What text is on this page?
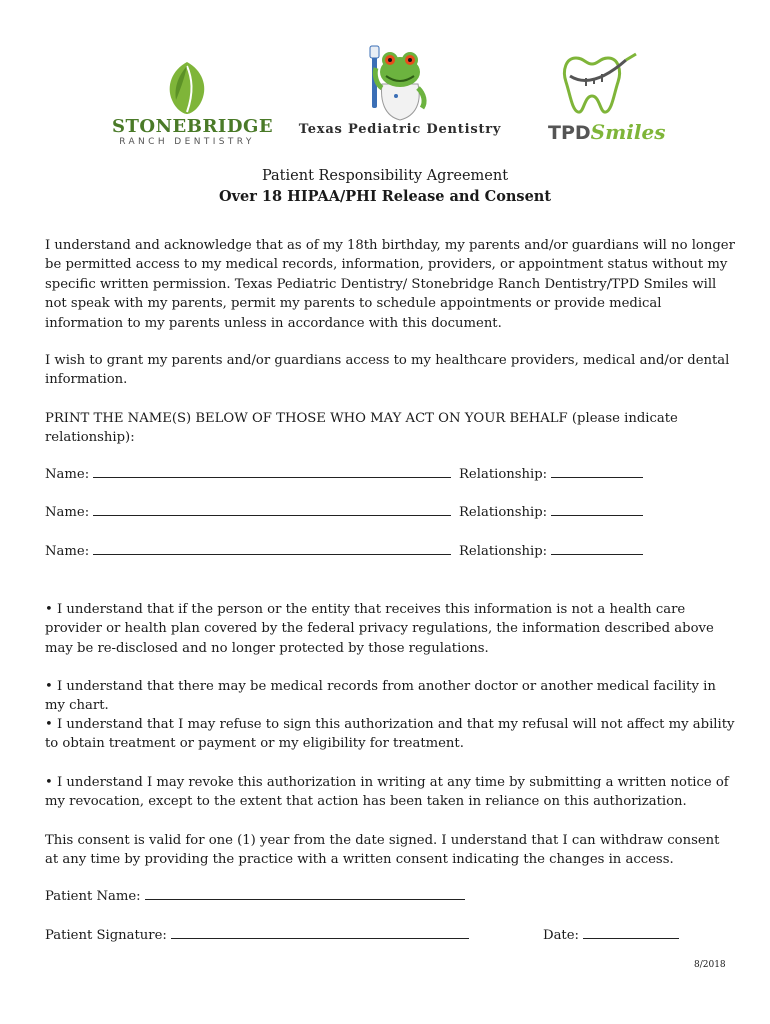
STONEBRIDGE
RANCH DENTISTRY
Texas Pediatric Dentistry	TPDSmiles
Patient Responsibility Agreement
Over 18 HIPAA/PHI Release and Consent
I understand and acknowledge that as of my 18th birthday, my parents and/or guardians will no longer be permitted access to my medical records, information, providers, or appointment status without my specific written permission. Texas Pediatric Dentistry/ Stonebridge Ranch Dentistry/TPD Smiles will not speak with my parents, permit my parents to schedule appointments or provide medical information to my parents unless in accordance with this document.
I wish to grant my parents and/or guardians access to my healthcare providers, medical and/or dental information.
PRINT THE NAME(S) BELOW OF THOSE WHO MAY ACT ON YOUR BEHALF (please indicate relationship):
Name:	Relationship:
Name:	Relationship:
Name:	Relationship:
• I understand that if the person or the entity that receives this information is not a health care provider or health plan covered by the federal privacy regulations, the information described above may be re-disclosed and no longer protected by those regulations.
• I understand that there may be medical records from another doctor or another medical facility in my chart.
• I understand that I may refuse to sign this authorization and that my refusal will not affect my ability to obtain treatment or payment or my eligibility for treatment.
• I understand I may revoke this authorization in writing at any time by submitting a written notice of my revocation, except to the extent that action has been taken in reliance on this authorization.
This consent is valid for one (1) year from the date signed. I understand that I can withdraw consent at any time by providing the practice with a written consent indicating the changes in access.
Patient Name:
Patient Signature:	Date:
8/2018
